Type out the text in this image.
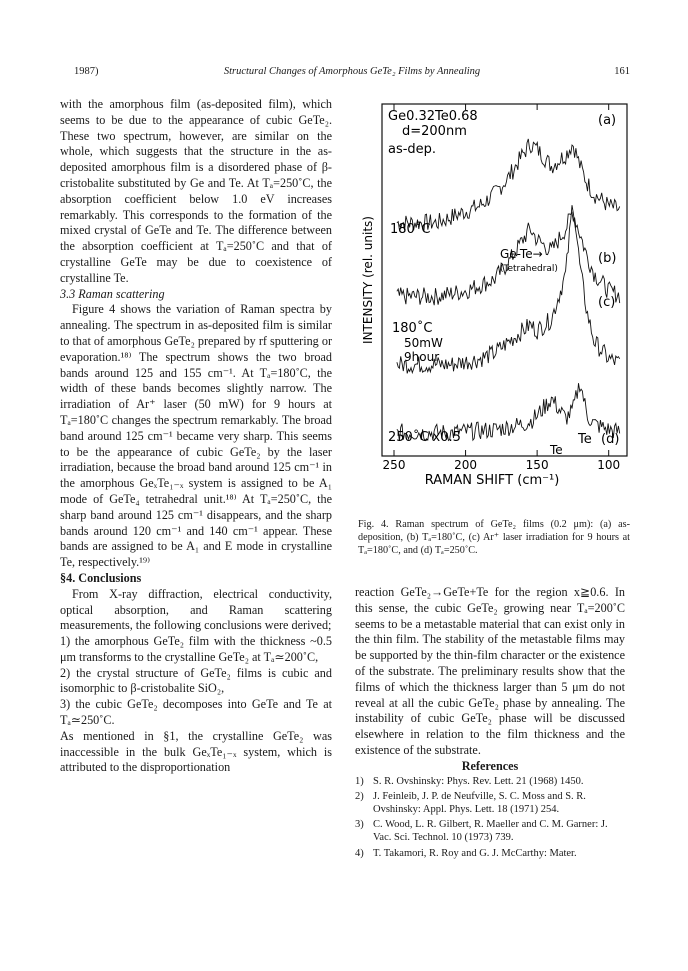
1987)	Structural Changes of Amorphous GeTe₂ Films by Annealing	161

with the amorphous film (as-deposited film), which seems to be due to the appearance of cubic GeTe₂. These two spectrum, however, are similar on the whole, which suggests that the structure in the as-deposited amorphous film is a disordered phase of β-cristobalite substituted by Ge and Te. At Tₐ=250˚C, the absorption coefficient below 1.0 eV increases remarkably. This corresponds to the formation of the mixed crystal of GeTe and Te. The difference between the absorption coefficient at Tₐ=250˚C and that of crystalline GeTe may be due to coexistence of crystalline Te.

3.3 Raman scattering

Figure 4 shows the variation of Raman spectra by annealing. The spectrum in as-deposited film is similar to that of amorphous GeTe₂ prepared by rf sputtering or evaporation.¹⁸⁾ The spectrum shows the two broad bands around 125 and 155 cm⁻¹. At Tₐ=180˚C, the width of these bands becomes slightly narrow. The irradiation of Ar⁺ laser (50 mW) for 9 hours at Tₐ=180˚C changes the spectrum remarkably. The broad band around 125 cm⁻¹ became very sharp. This seems to be the appearance of cubic GeTe₂ by the laser irradiation, because the broad band around 125 cm⁻¹ in the amorphous GeₓTe₁₋ₓ system is assigned to be A₁ mode of GeTe₄ tetrahedral unit.¹⁸⁾ At Tₐ=250˚C, the sharp band around 125 cm⁻¹ disappears, and the sharp bands around 120 cm⁻¹ and 140 cm⁻¹ appear. These bands are assigned to be A₁ and E mode in crystalline Te, respectively.¹⁹⁾

§4. Conclusions

From X-ray diffraction, electrical conductivity, optical absorption, and Raman scattering measurements, the following conclusions were derived;

1) the amorphous GeTe₂ film with the thickness ~0.5 μm transforms to the crystalline GeTe₂ at Tₐ≃200˚C,

2) the crystal structure of GeTe₂ films is cubic and isomorphic to β-cristobalite SiO₂,

3) the cubic GeTe₂ decomposes into GeTe and Te at Tₐ≃250˚C.

As mentioned in §1, the crystalline GeTe₂ was inaccessible in the bulk GeₓTe₁₋ₓ system, which is attributed to the disproportionation

250	200	150	100
Ge0.32Te0.68
d=200nm
as-dep.
(a)
180˚C
Ge-Te→
(Tetrahedral)
(b)
(c)
180˚C
50mW
9hour
250˚C x0.5	Te
Te
(d)
INTENSITY (rel. units)
RAMAN SHIFT (cm⁻¹)
Fig. 4. Raman spectrum of GeTe₂ films (0.2 μm): (a) as-deposition, (b) Tₐ=180˚C, (c) Ar⁺ laser irradiation for 9 hours at Tₐ=180˚C, and (d) Tₐ=250˚C.

reaction GeTe₂→GeTe+Te for the region x≧0.6. In this sense, the cubic GeTe₂ growing near Tₐ=200˚C seems to be a metastable material that can exist only in the thin film. The stability of the metastable films may be supported by the thin-film character or the existence of the substrate. The preliminary results show that the films of which the thickness larger than 5 μm do not reveal at all the cubic GeTe₂ phase by annealing. The instability of cubic GeTe₂ phase will be discussed elsewhere in relation to the film thickness and the existence of the substrate.

References

1) S. R. Ovshinsky: Phys. Rev. Lett. 21 (1968) 1450.
2) J. Feinleib, J. P. de Neufville, S. C. Moss and S. R. Ovshinsky: Appl. Phys. Lett. 18 (1971) 254.
3) C. Wood, L. R. Gilbert, R. Maeller and C. M. Garner: J. Vac. Sci. Technol. 10 (1973) 739.
4) T. Takamori, R. Roy and G. J. McCarthy: Mater.
